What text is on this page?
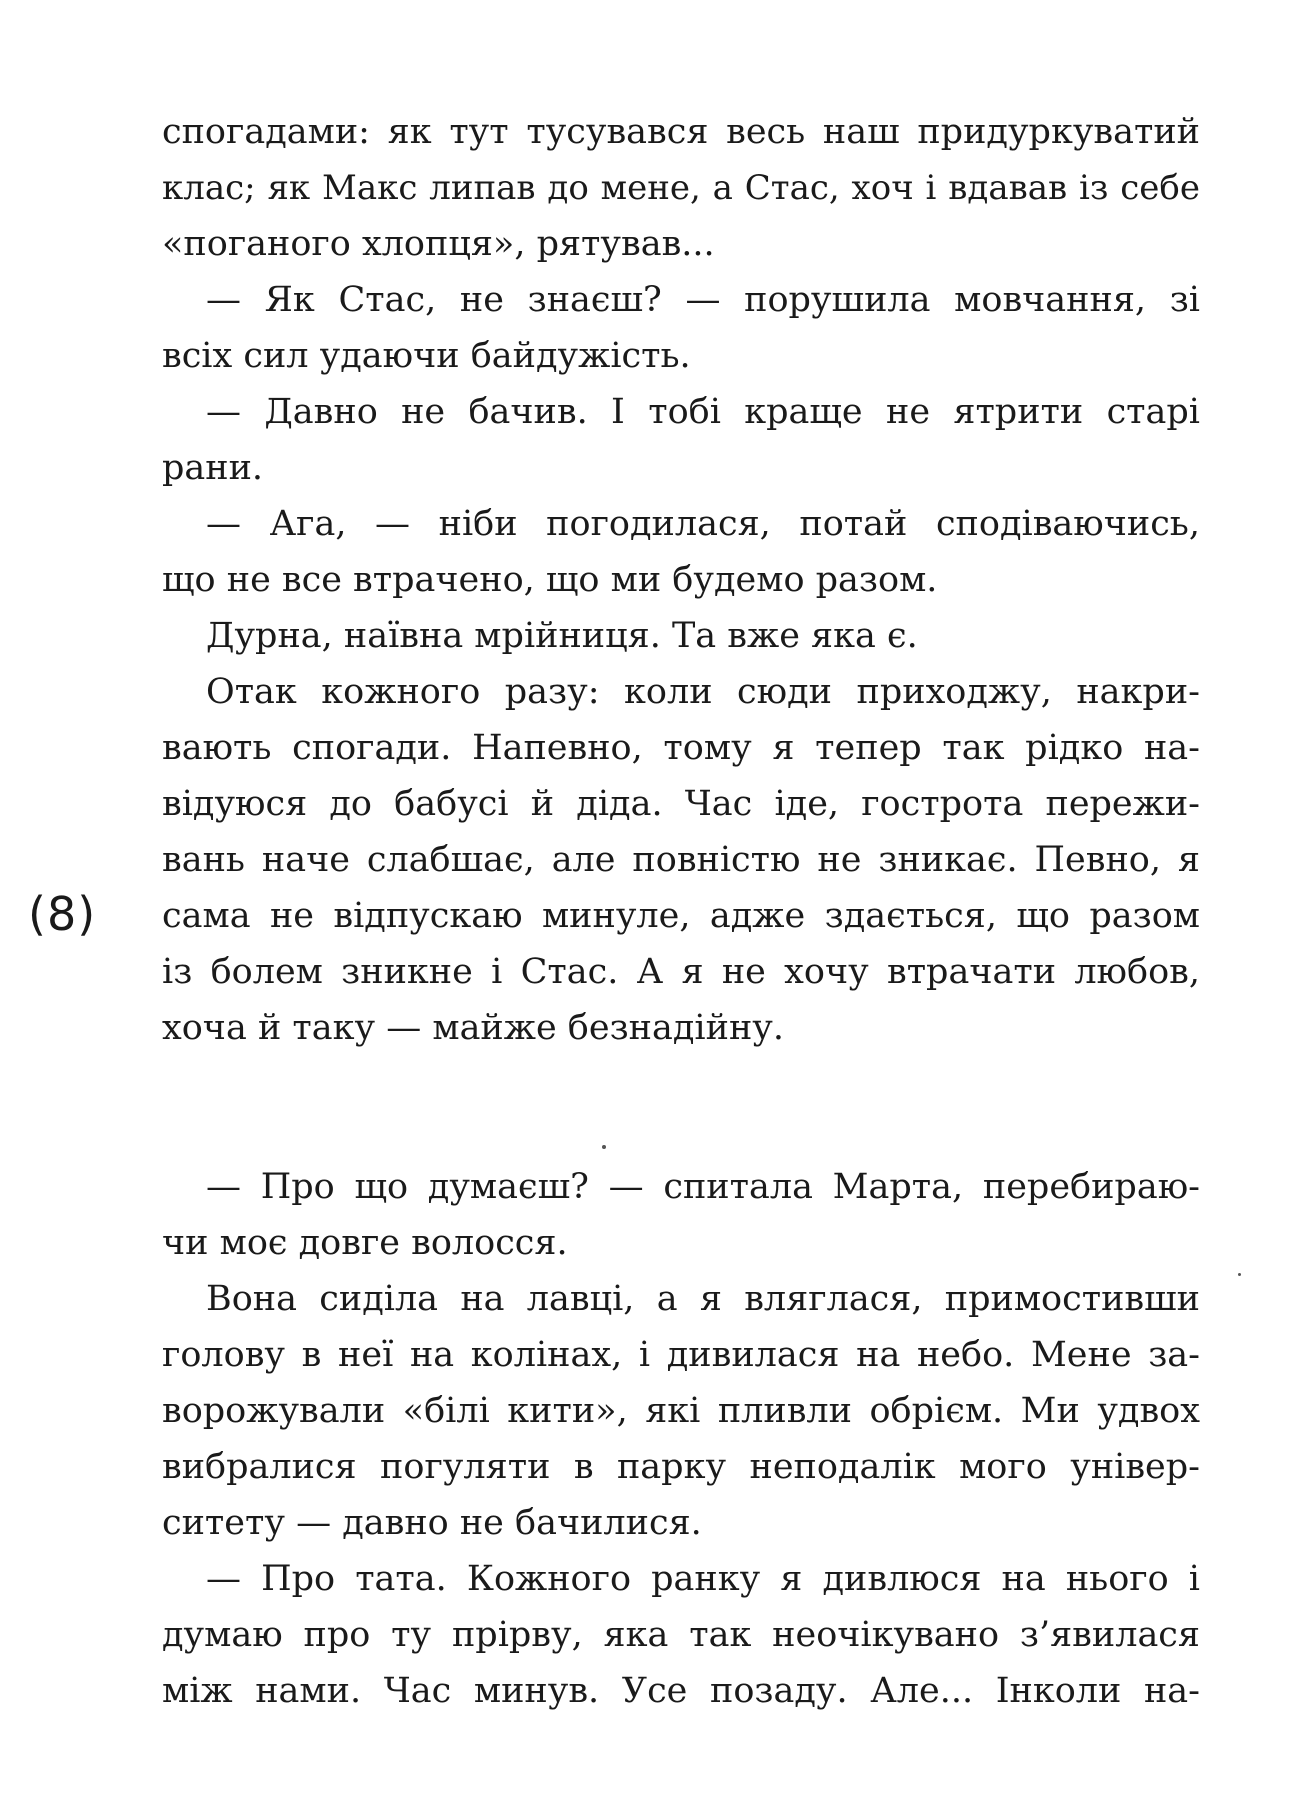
(8)
спогадами: як тут тусувався весь наш придуркуватий
клас; як Макс липав до мене, а Стас, хоч і вдавав із себе
«поганого хлопця», рятував...
— Як Стас, не знаєш? — порушила мовчання, зі
всіх сил удаючи байдужість.
— Давно не бачив. І тобі краще не ятрити старі
рани.
— Ага, — ніби погодилася, потай сподіваючись,
що не все втрачено, що ми будемо разом.
Дурна, наївна мрійниця. Та вже яка є.
Отак кожного разу: коли сюди приходжу, накри-
вають спогади. Напевно, тому я тепер так рідко на-
відуюся до бабусі й діда. Час іде, гострота пережи-
вань наче слабшає, але повністю не зникає. Певно, я
сама не відпускаю минуле, адже здається, що разом
із болем зникне і Стас. А я не хочу втрачати любов,
хоча й таку — майже безнадійну.
— Про що думаєш? — спитала Марта, перебираю-
чи моє довге волосся.
Вона сиділа на лавці, а я вляглася, примостивши
голову в неї на колінах, і дивилася на небо. Мене за-
ворожували «білі кити», які пливли обрієм. Ми удвох
вибралися погуляти в парку неподалік мого універ-
ситету — давно не бачилися.
— Про тата. Кожного ранку я дивлюся на нього і
думаю про ту прірву, яка так неочікувано з’явилася
між нами. Час минув. Усе позаду. Але... Інколи на-
